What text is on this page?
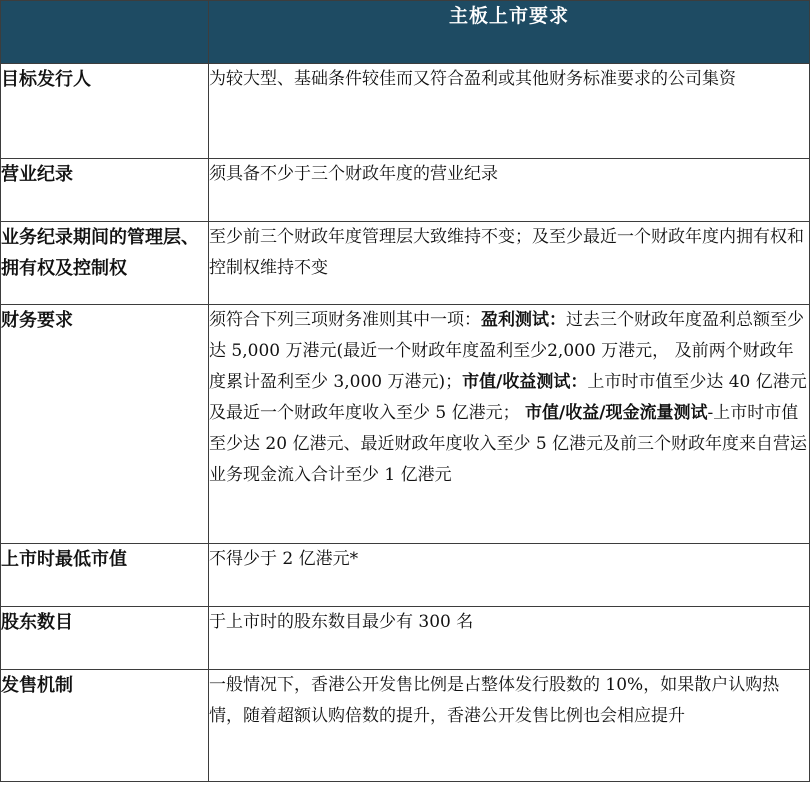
	主板上市要求
目标发行人	为较大型、基础条件较佳而又符合盈利或其他财务标准要求的公司集资
营业纪录	须具备不少于三个财政年度的营业纪录
业务纪录期间的管理层、拥有权及控制权	至少前三个财政年度管理层大致维持不变；及至少最近一个财政年度内拥有权和控制权维持不变
财务要求	须符合下列三项财务准则其中一项：盈利测试：过去三个财政年度盈利总额至少达 5,000 万港元(最近一个财政年度盈利至少2,000 万港元， 及前两个财政年度累计盈利至少 3,000 万港元)；市值/收益测试：上市时市值至少达 40 亿港元及最近一个财政年度收入至少 5 亿港元； 市值/收益/现金流量测试-上市时市值至少达 20 亿港元、最近财政年度收入至少 5 亿港元及前三个财政年度来自营运业务现金流入合计至少 1 亿港元
上市时最低市值	不得少于 2 亿港元*
股东数目	于上市时的股东数目最少有 300 名
发售机制	一般情况下，香港公开发售比例是占整体发行股数的 10%，如果散户认购热情，随着超额认购倍数的提升，香港公开发售比例也会相应提升
